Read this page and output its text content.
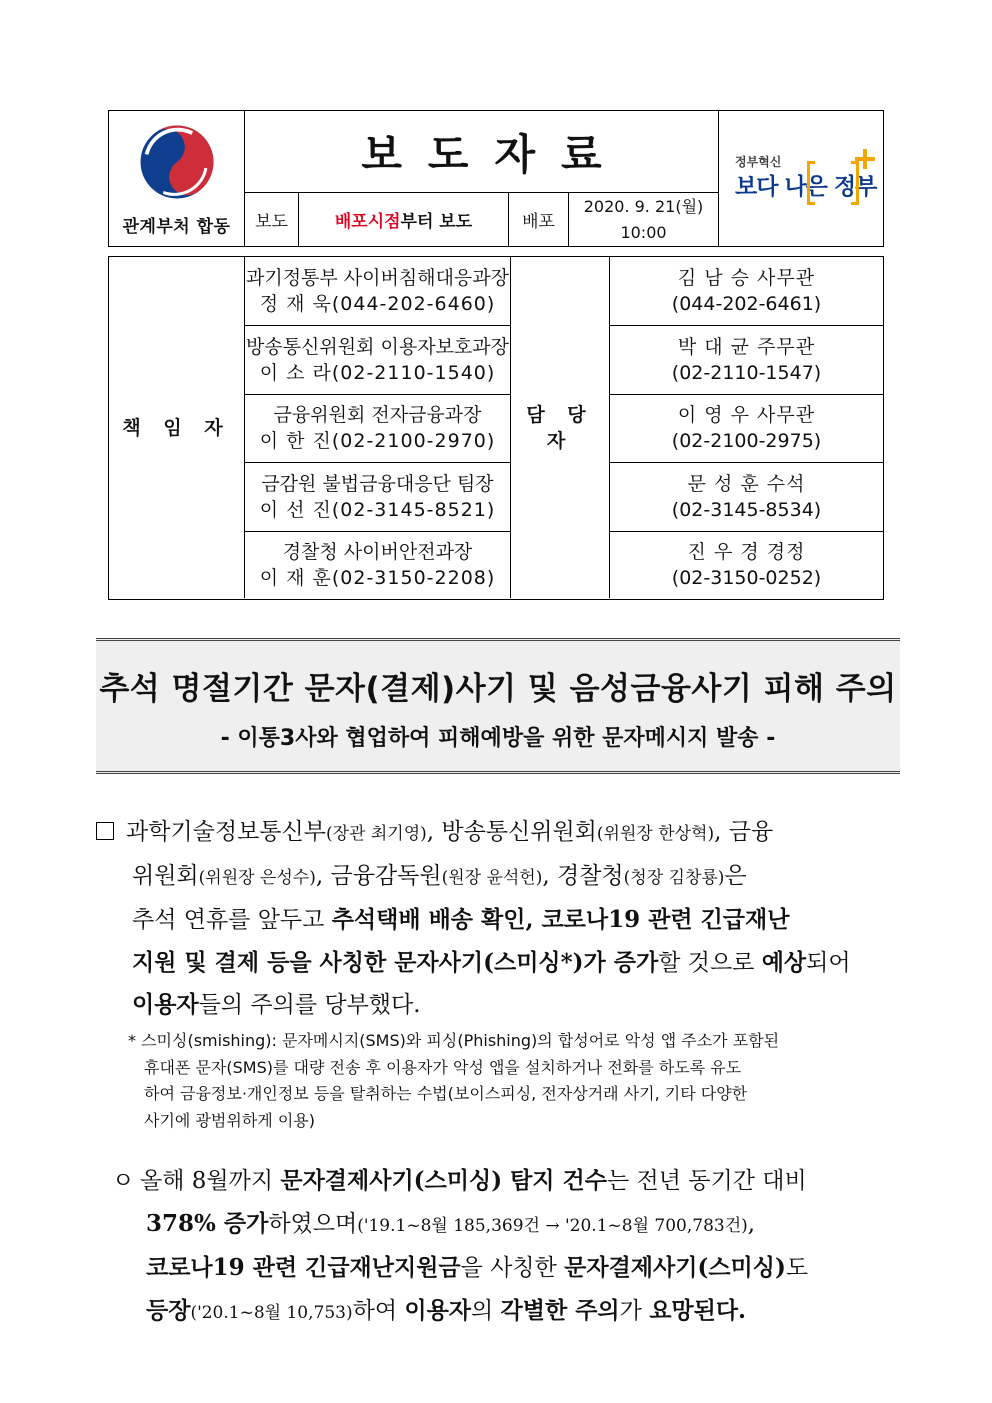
관계부처 합동
보도자료
보도	배포시점 부터 보도	배포
2020. 9. 21(월)
10:00
정부혁신
보다 나은 정부
책 임 자
담 당 자
과기정통부 사이버침해대응과장
정 재 욱(044-202-6460)
김 남 승 사무관
(044-202-6461)
방송통신위원회 이용자보호과장
이 소 라(02-2110-1540)
박 대 균 주무관
(02-2110-1547)
금융위원회 전자금융과장
이 한 진(02-2100-2970)
이 영 우 사무관
(02-2100-2975)
금감원 불법금융대응단 팀장
이 선 진(02-3145-8521)
문 성 훈 수석
(02-3145-8534)
경찰청 사이버안전과장
이 재 훈(02-3150-2208)
진 우 경 경정
(02-3150-0252)
추석 명절기간 문자(결제)사기 및 음성금융사기 피해 주의
- 이통3사와 협업하여 피해예방을 위한 문자메시지 발송 -
과학기술정보통신부(장관 최기영), 방송통신위원회(위원장 한상혁), 금융
위원회(위원장 은성수), 금융감독원(원장 윤석헌), 경찰청(청장 김창룡)은
추석 연휴를 앞두고 추석택배 배송 확인, 코로나19 관련 긴급재난
지원 및 결제 등을 사칭한 문자사기(스미싱*)가 증가할 것으로 예상되어
이용자들의 주의를 당부했다.
* 스미싱(smishing): 문자메시지(SMS)와 피싱(Phishing)의 합성어로 악성 앱 주소가 포함된
휴대폰 문자(SMS)를 대량 전송 후 이용자가 악성 앱을 설치하거나 전화를 하도록 유도
하여 금융정보·개인정보 등을 탈취하는 수법(보이스피싱, 전자상거래 사기, 기타 다양한
사기에 광범위하게 이용)
ㅇ 올해 8월까지 문자결제사기(스미싱) 탐지 건수는 전년 동기간 대비
378% 증가하였으며('19.1~8월 185,369건 → '20.1~8월 700,783건),
코로나19 관련 긴급재난지원금을 사칭한 문자결제사기(스미싱)도
등장('20.1~8월 10,753)하여 이용자의 각별한 주의가 요망된다.
